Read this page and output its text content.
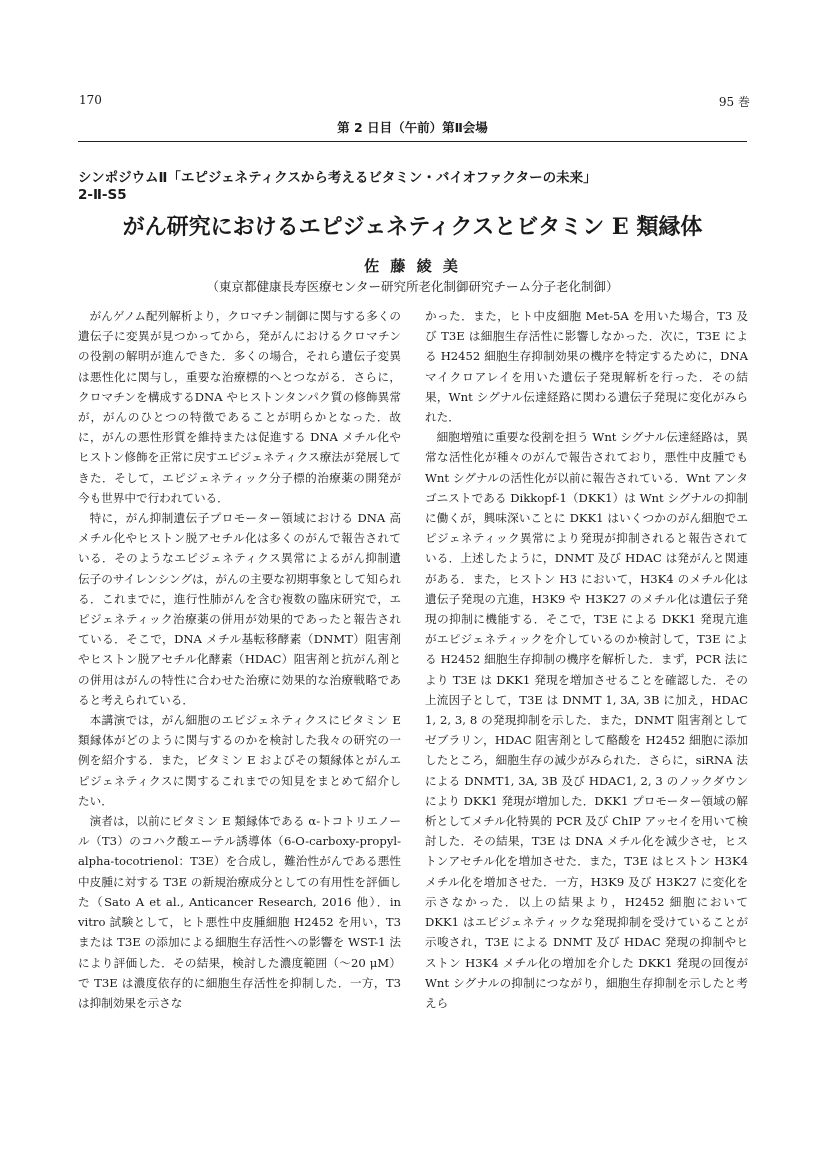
170	95 巻
第 2 日目（午前）第Ⅱ会場
シンポジウムⅡ「エピジェネティクスから考えるビタミン・バイオファクターの未来」
2-Ⅱ-S5
がん研究におけるエピジェネティクスとビタミン E 類縁体
佐 藤 綾 美
（東京都健康長寿医療センター研究所老化制御研究チーム分子老化制御）

がんゲノム配列解析より，クロマチン制御に関与する多くの遺伝子に変異が見つかってから，発がんにおけるクロマチンの役割の解明が進んできた．多くの場合，それら遺伝子変異は悪性化に関与し，重要な治療標的へとつながる．さらに，クロマチンを構成するDNA やヒストンタンパク質の修飾異常が，がんのひとつの特徴であることが明らかとなった．故に，がんの悪性形質を維持または促進する DNA メチル化やヒストン修飾を正常に戻すエピジェネティクス療法が発展してきた．そして，エピジェネティック分子標的治療薬の開発が今も世界中で行われている．

特に，がん抑制遺伝子プロモーター領域における DNA 高メチル化やヒストン脱アセチル化は多くのがんで報告されている．そのようなエピジェネティクス異常によるがん抑制遺伝子のサイレンシングは，がんの主要な初期事象として知られる．これまでに，進行性肺がんを含む複数の臨床研究で，エピジェネティック治療薬の併用が効果的であったと報告されている．そこで，DNA メチル基転移酵素（DNMT）阻害剤やヒストン脱アセチル化酵素（HDAC）阻害剤と抗がん剤との併用はがんの特性に合わせた治療に効果的な治療戦略であると考えられている．

本講演では，がん細胞のエピジェネティクスにビタミン E 類縁体がどのように関与するのかを検討した我々の研究の一例を紹介する．また，ビタミン E およびその類縁体とがんエピジェネティクスに関するこれまでの知見をまとめて紹介したい．

演者は，以前にビタミン E 類縁体である α-トコトリエノール（T3）のコハク酸エーテル誘導体（6-O-carboxy-propyl-alpha-tocotrienol：T3E）を合成し，難治性がんである悪性中皮腫に対する T3E の新規治療成分としての有用性を評価した（Sato A et al., Anticancer Research, 2016 他）．in vitro 試験として，ヒト悪性中皮腫細胞 H2452 を用い，T3 または T3E の添加による細胞生存活性への影響を WST-1 法により評価した．その結果，検討した濃度範囲（～20 μM）で T3E は濃度依存的に細胞生存活性を抑制した．一方，T3 は抑制効果を示さな

かった．また，ヒト中皮細胞 Met-5A を用いた場合，T3 及び T3E は細胞生存活性に影響しなかった．次に，T3E による H2452 細胞生存抑制効果の機序を特定するために，DNA マイクロアレイを用いた遺伝子発現解析を行った．その結果，Wnt シグナル伝達経路に関わる遺伝子発現に変化がみられた．

細胞増殖に重要な役割を担う Wnt シグナル伝達経路は，異常な活性化が種々のがんで報告されており，悪性中皮腫でも Wnt シグナルの活性化が以前に報告されている．Wnt アンタゴニストである Dikkopf-1（DKK1）は Wnt シグナルの抑制に働くが，興味深いことに DKK1 はいくつかのがん細胞でエピジェネティック異常により発現が抑制されると報告されている．上述したように，DNMT 及び HDAC は発がんと関連がある．また，ヒストン H3 において，H3K4 のメチル化は遺伝子発現の亢進，H3K9 や H3K27 のメチル化は遺伝子発現の抑制に機能する．そこで，T3E による DKK1 発現亢進がエピジェネティックを介しているのか検討して，T3E による H2452 細胞生存抑制の機序を解析した．まず，PCR 法により T3E は DKK1 発現を増加させることを確認した．その上流因子として，T3E は DNMT 1, 3A, 3B に加え，HDAC 1, 2, 3, 8 の発現抑制を示した．また，DNMT 阻害剤としてゼブラリン，HDAC 阻害剤として酪酸を H2452 細胞に添加したところ，細胞生存の減少がみられた．さらに，siRNA 法による DNMT1, 3A, 3B 及び HDAC1, 2, 3 のノックダウンにより DKK1 発現が増加した．DKK1 プロモーター領域の解析としてメチル化特異的 PCR 及び ChIP アッセイを用いて検討した．その結果，T3E は DNA メチル化を減少させ，ヒストンアセチル化を増加させた．また，T3E はヒストン H3K4 メチル化を増加させた．一方，H3K9 及び H3K27 に変化を示さなかった．以上の結果より，H2452 細胞において DKK1 はエピジェネティックな発現抑制を受けていることが示唆され，T3E による DNMT 及び HDAC 発現の抑制やヒストン H3K4 メチル化の増加を介した DKK1 発現の回復が Wnt シグナルの抑制につながり，細胞生存抑制を示したと考えら
